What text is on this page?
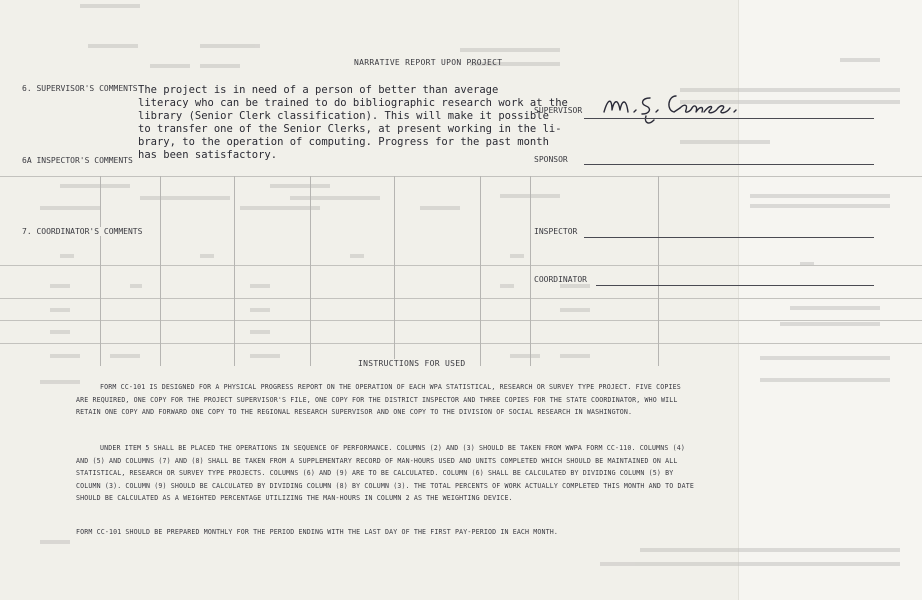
NARRATIVE REPORT UPON PROJECT
6. SUPERVISOR'S COMMENTS The project is in need of a person of better than average
literacy who can be trained to do bibliographic research work at the
library (Senior Clerk classification). This will make it possible
to transfer one of the Senior Clerks, at present working in the li-
brary, to the operation of computing. Progress for the past month
has been satisfactory.
SUPERVISOR
SPONSOR
6A INSPECTOR'S COMMENTS
7. COORDINATOR'S COMMENTS	INSPECTOR
COORDINATOR
INSTRUCTIONS FOR USED
FORM CC-101 IS DESIGNED FOR A PHYSICAL PROGRESS REPORT ON THE OPERATION OF EACH WPA STATISTICAL, RESEARCH OR SURVEY TYPE PROJECT. FIVE COPIES ARE REQUIRED, ONE COPY FOR THE PROJECT SUPERVISOR'S FILE, ONE COPY FOR THE DISTRICT INSPECTOR AND THREE COPIES FOR THE STATE COORDINATOR, WHO WILL RETAIN ONE COPY AND FORWARD ONE COPY TO THE REGIONAL RESEARCH SUPERVISOR AND ONE COPY TO THE DIVISION OF SOCIAL RESEARCH IN WASHINGTON.
UNDER ITEM 5 SHALL BE PLACED THE OPERATIONS IN SEQUENCE OF PERFORMANCE. COLUMNS (2) AND (3) SHOULD BE TAKEN FROM WWPA FORM CC-110. COLUMNS (4) AND (5) AND COLUMNS (7) AND (8) SHALL BE TAKEN FROM A SUPPLEMENTARY RECORD OF MAN-HOURS USED AND UNITS COMPLETED WHICH SHOULD BE MAINTAINED ON ALL STATISTICAL, RESEARCH OR SURVEY TYPE PROJECTS. COLUMNS (6) AND (9) ARE TO BE CALCULATED. COLUMN (6) SHALL BE CALCULATED BY DIVIDING COLUMN (5) BY COLUMN (3). COLUMN (9) SHOULD BE CALCULATED BY DIVIDING COLUMN (8) BY COLUMN (3). THE TOTAL PERCENTS OF WORK ACTUALLY COMPLETED THIS MONTH AND TO DATE SHOULD BE CALCULATED AS A WEIGHTED PERCENTAGE UTILIZING THE MAN-HOURS IN COLUMN 2 AS THE WEIGHTING DEVICE.
FORM CC-101 SHOULD BE PREPARED MONTHLY FOR THE PERIOD ENDING WITH THE LAST DAY OF THE FIRST PAY-PERIOD IN EACH MONTH.
